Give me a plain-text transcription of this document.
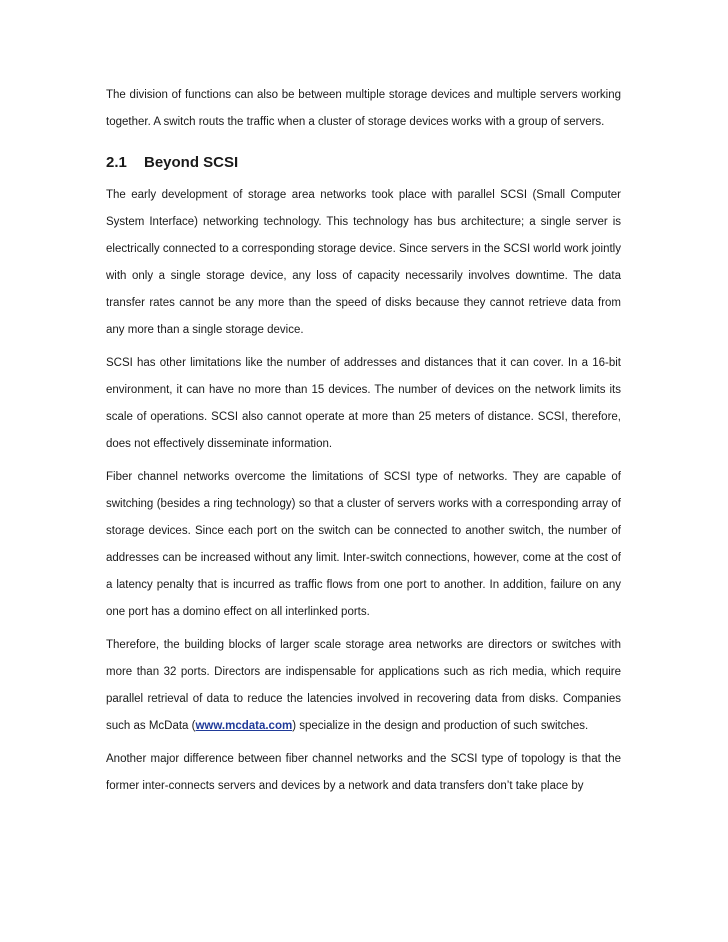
The division of functions can also be between multiple storage devices and multiple servers working together. A switch routs the traffic when a cluster of storage devices works with a group of servers.

2.1 Beyond SCSI

The early development of storage area networks took place with parallel SCSI (Small Computer System Interface) networking technology. This technology has bus architecture; a single server is electrically connected to a corresponding storage device. Since servers in the SCSI world work jointly with only a single storage device, any loss of capacity necessarily involves downtime. The data transfer rates cannot be any more than the speed of disks because they cannot retrieve data from any more than a single storage device.

SCSI has other limitations like the number of addresses and distances that it can cover. In a 16-bit environment, it can have no more than 15 devices. The number of devices on the network limits its scale of operations. SCSI also cannot operate at more than 25 meters of distance. SCSI, therefore, does not effectively disseminate information.

Fiber channel networks overcome the limitations of SCSI type of networks. They are capable of switching (besides a ring technology) so that a cluster of servers works with a corresponding array of storage devices. Since each port on the switch can be connected to another switch, the number of addresses can be increased without any limit. Inter-switch connections, however, come at the cost of a latency penalty that is incurred as traffic flows from one port to another. In addition, failure on any one port has a domino effect on all interlinked ports.

Therefore, the building blocks of larger scale storage area networks are directors or switches with more than 32 ports. Directors are indispensable for applications such as rich media, which require parallel retrieval of data to reduce the latencies involved in recovering data from disks. Companies such as McData (www.mcdata.com) specialize in the design and production of such switches.

Another major difference between fiber channel networks and the SCSI type of topology is that the former inter-connects servers and devices by a network and data transfers don’t take place by
